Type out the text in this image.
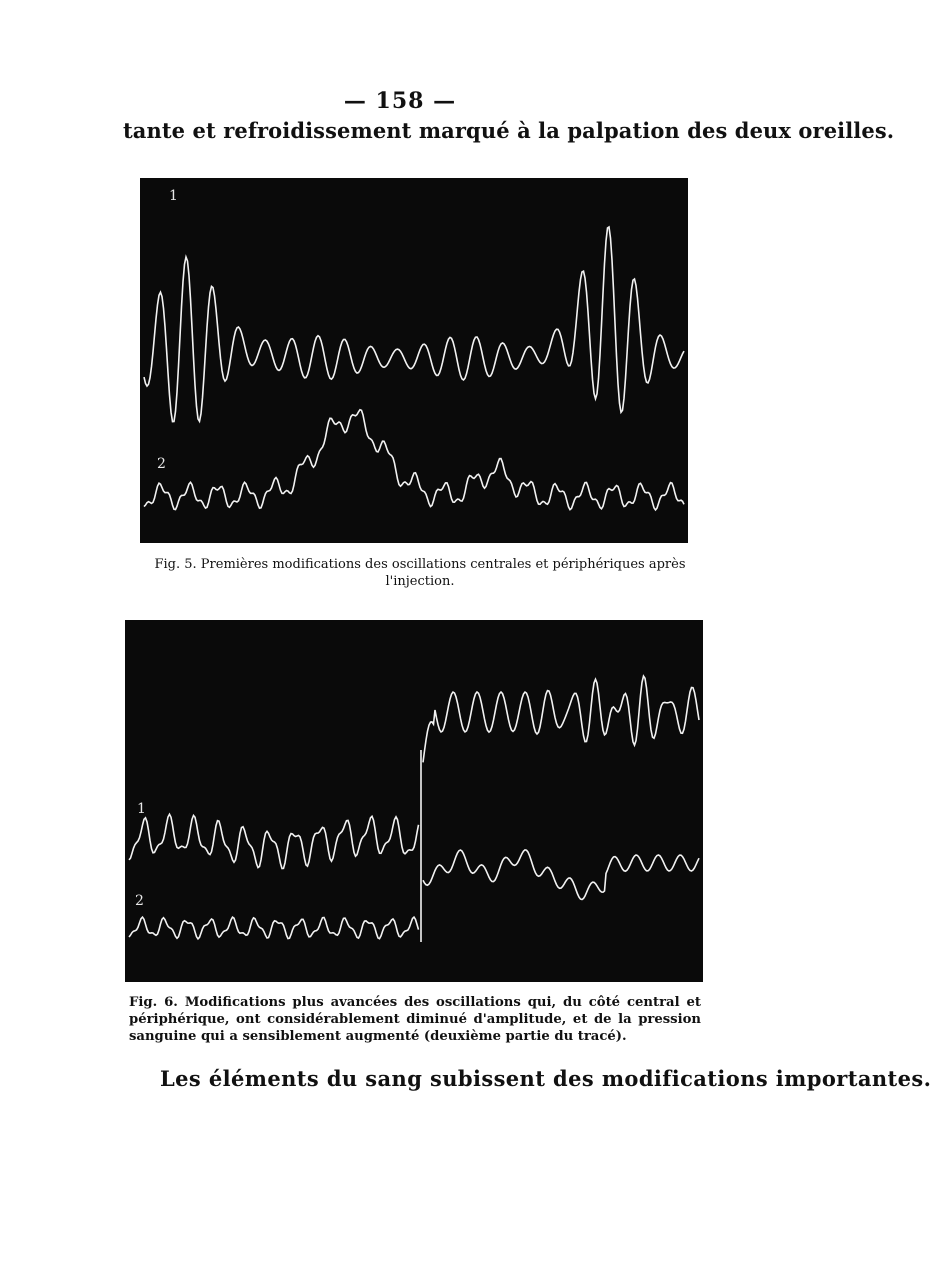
— 158 —
tante et refroidissement marqué à la palpation des deux oreilles.
1
2
Fig. 5. Premières modifications des oscillations centrales et périphériques après l'injection.
1
2
Fig. 6. Modifications plus avancées des oscillations qui, du côté central et périphérique, ont considérablement diminué d'amplitude, et de la pression sanguine qui a sensiblement augmenté (deuxième partie du tracé).
Les éléments du sang subissent des modifications importantes.
